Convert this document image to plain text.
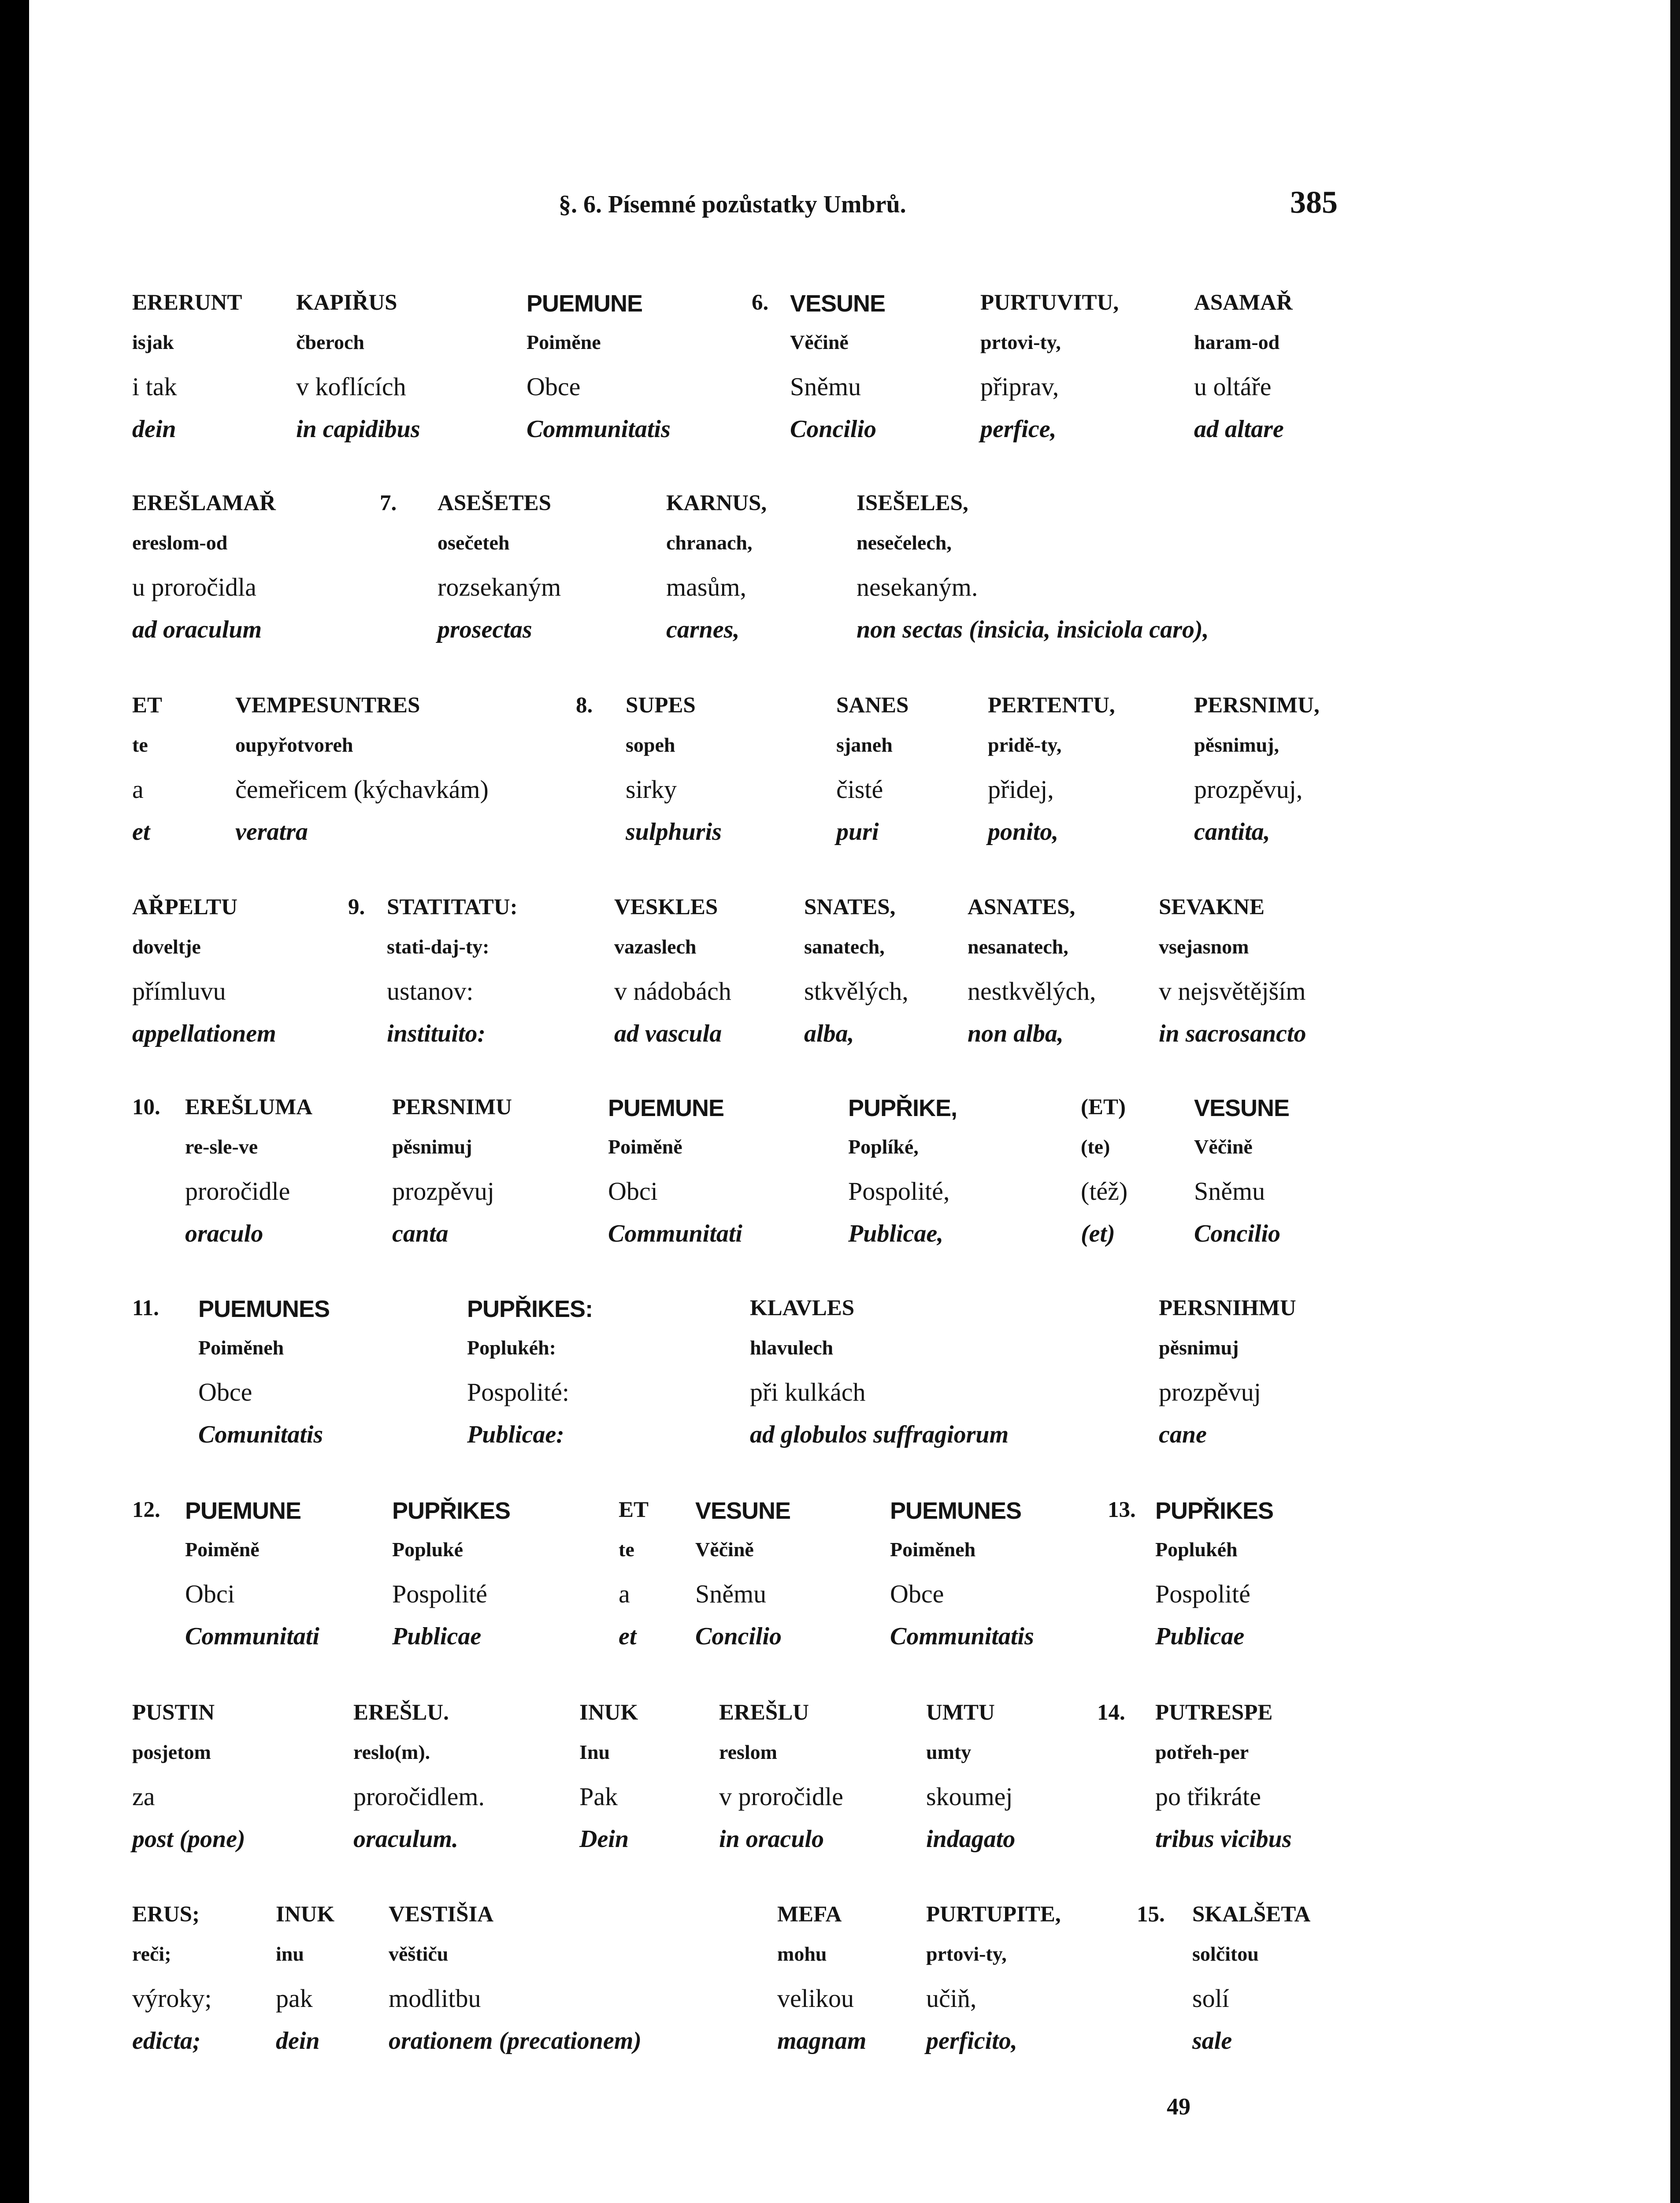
§. 6. Písemné pozůstatky Umbrů.	385
ERERUNT
isjak
i tak
dein
KAPIŘUS
čberoch
v koflících
in capidibus
PUEMUNE
Poiměne
Obce
Communitatis
6. VESUNE
Věčině
Sněmu
Concilio
PURTUVITU,
prtovi-ty,
připrav,
perfice,
ASAMAŘ
haram-od
u oltáře
ad altare
EREŠLAMAŘ
ereslom-od
u proročidla
ad oraculum
7. ASEŠETES
osečeteh
rozsekaným
prosectas
KARNUS,
chranach,
masům,
carnes,
ISEŠELES,
nesečelech,
nesekaným.
non sectas (insicia, insiciola caro),
ET
te
a
et
VEMPESUNTRES
oupyřotvoreh
čemeřicem (kýchavkám)
veratra
8. SUPES
sopeh
sirky
sulphuris
SANES
sjaneh
čisté
puri
PERTENTU,
pridě-ty,
přidej,
ponito,
PERSNIMU,
pěsnimuj,
prozpěvuj,
cantita,
AŘPELTU
doveltje
přímluvu
appellationem
9. STATITATU:
stati-daj-ty:
ustanov:
instituito:
VESKLES
vazaslech
v nádobách
ad vascula
SNATES,
sanatech,
stkvělých,
alba,
ASNATES,
nesanatech,
nestkvělých,
non alba,
SEVAKNE
vsejasnom
v nejsvětějším
in sacrosancto
10. EREŠLUMA
re-sle-ve
proročidle
oraculo
PERSNIMU
pěsnimuj
prozpěvuj
canta
PUEMUNE
Poiměně
Obci
Communitati
PUPŘIKE,
Poplíké,
Pospolité,
Publicae,
(ET)
(te)
(též)
(et)
VESUNE
Věčině
Sněmu
Concilio
11. PUEMUNES
Poiměneh
Obce
Comunitatis
PUPŘIKES:
Poplukéh:
Pospolité:
Publicae:
KLAVLES
hlavulech
při kulkách
ad globulos suffragiorum
PERSNIHMU
pěsnimuj
prozpěvuj
cane
12. PUEMUNE
Poiměně
Obci
Communitati
PUPŘIKES
Popluké
Pospolité
Publicae
ET
te
a
et
VESUNE
Věčině
Sněmu
Concilio
PUEMUNES
Poiměneh
Obce
Communitatis
13. PUPŘIKES
Poplukéh
Pospolité
Publicae
PUSTIN
posjetom
za
post (pone)
EREŠLU.
reslo(m).
proročidlem.
oraculum.
INUK
Inu
Pak
Dein
EREŠLU
reslom
v proročidle
in oraculo
UMTU
umty
skoumej
indagato
14. PUTRESPE
potřeh-per
po třikráte
tribus vicibus
ERUS;
reči;
výroky;
edicta;
INUK
inu
pak
dein
VESTIŠIA
věštiču
modlitbu
orationem (precationem)
MEFA
mohu
velikou
magnam
PURTUPITE,
prtovi-ty,
učiň,
perficito,
15. SKALŠETA
solčitou
solí
sale
49
